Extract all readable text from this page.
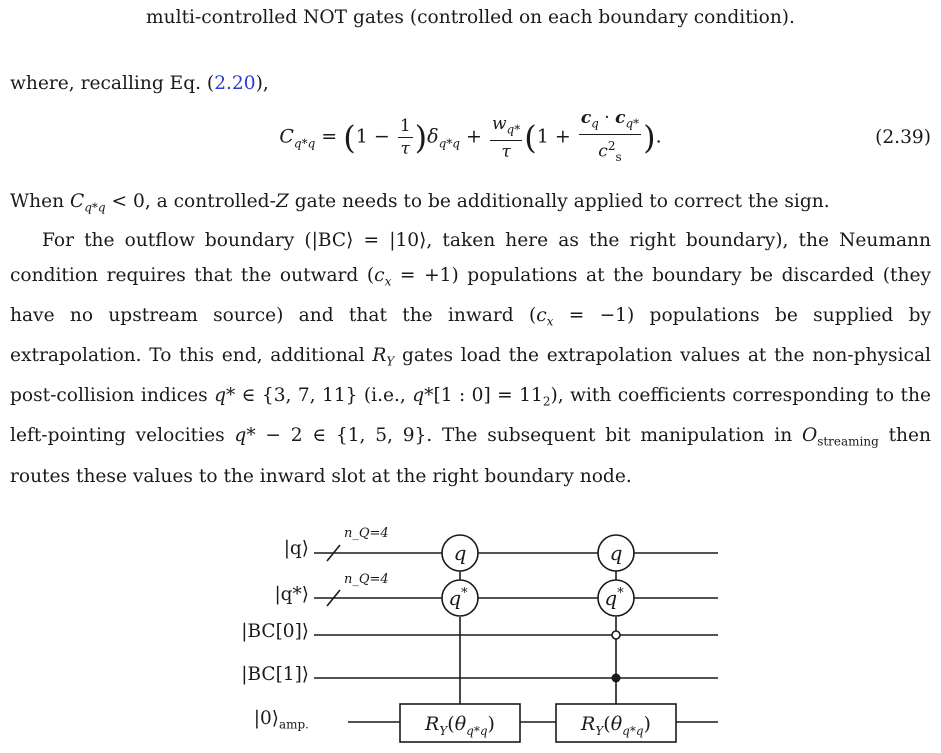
multi-controlled NOT gates (controlled on each boundary condition).

where, recalling Eq. (2.20),

$C_{q*q} = (1 - \frac{1}{\tau} )\delta_{q*q} + \frac{w_{q*}}{\tau} (1 + \frac{c_q \cdot c_{q*}}{c^2_s}$ ).	(2.39)

When $C_{q*q} < 0$, a controlled-Z gate needs to be additionally applied to correct the sign.

For the outflow boundary (|BC⟩ = |10⟩, taken here as the right boundary), the Neumann condition requires that the outward $(c_x = +1)$ populations at the boundary be discarded (they have no upstream source) and that the inward $(c_x = -1)$ populations be supplied by extrapolation. To this end, additional $R_Y$ gates load the extrapolation values at the non-physical post-collision indices q* ∈ {3, 7, 11} (i.e., q*[1 : $0] = 11_2$), with coefficients corresponding to the left-pointing velocities q* − 2 ∈ {1, 5, 9}. The subsequent bit manipulation in $O_{streaming}$ then routes these values to the inward slot at the right boundary node.

|q⟩
|q*⟩
|BC[0]⟩
|BC[1]⟩
$|0⟩_{amp.}$
n_Q=4
n_Q=4
q	q
q*	q*
$R_Y(\theta_{q*q})$	$R_Y(\theta_{q*q})$
